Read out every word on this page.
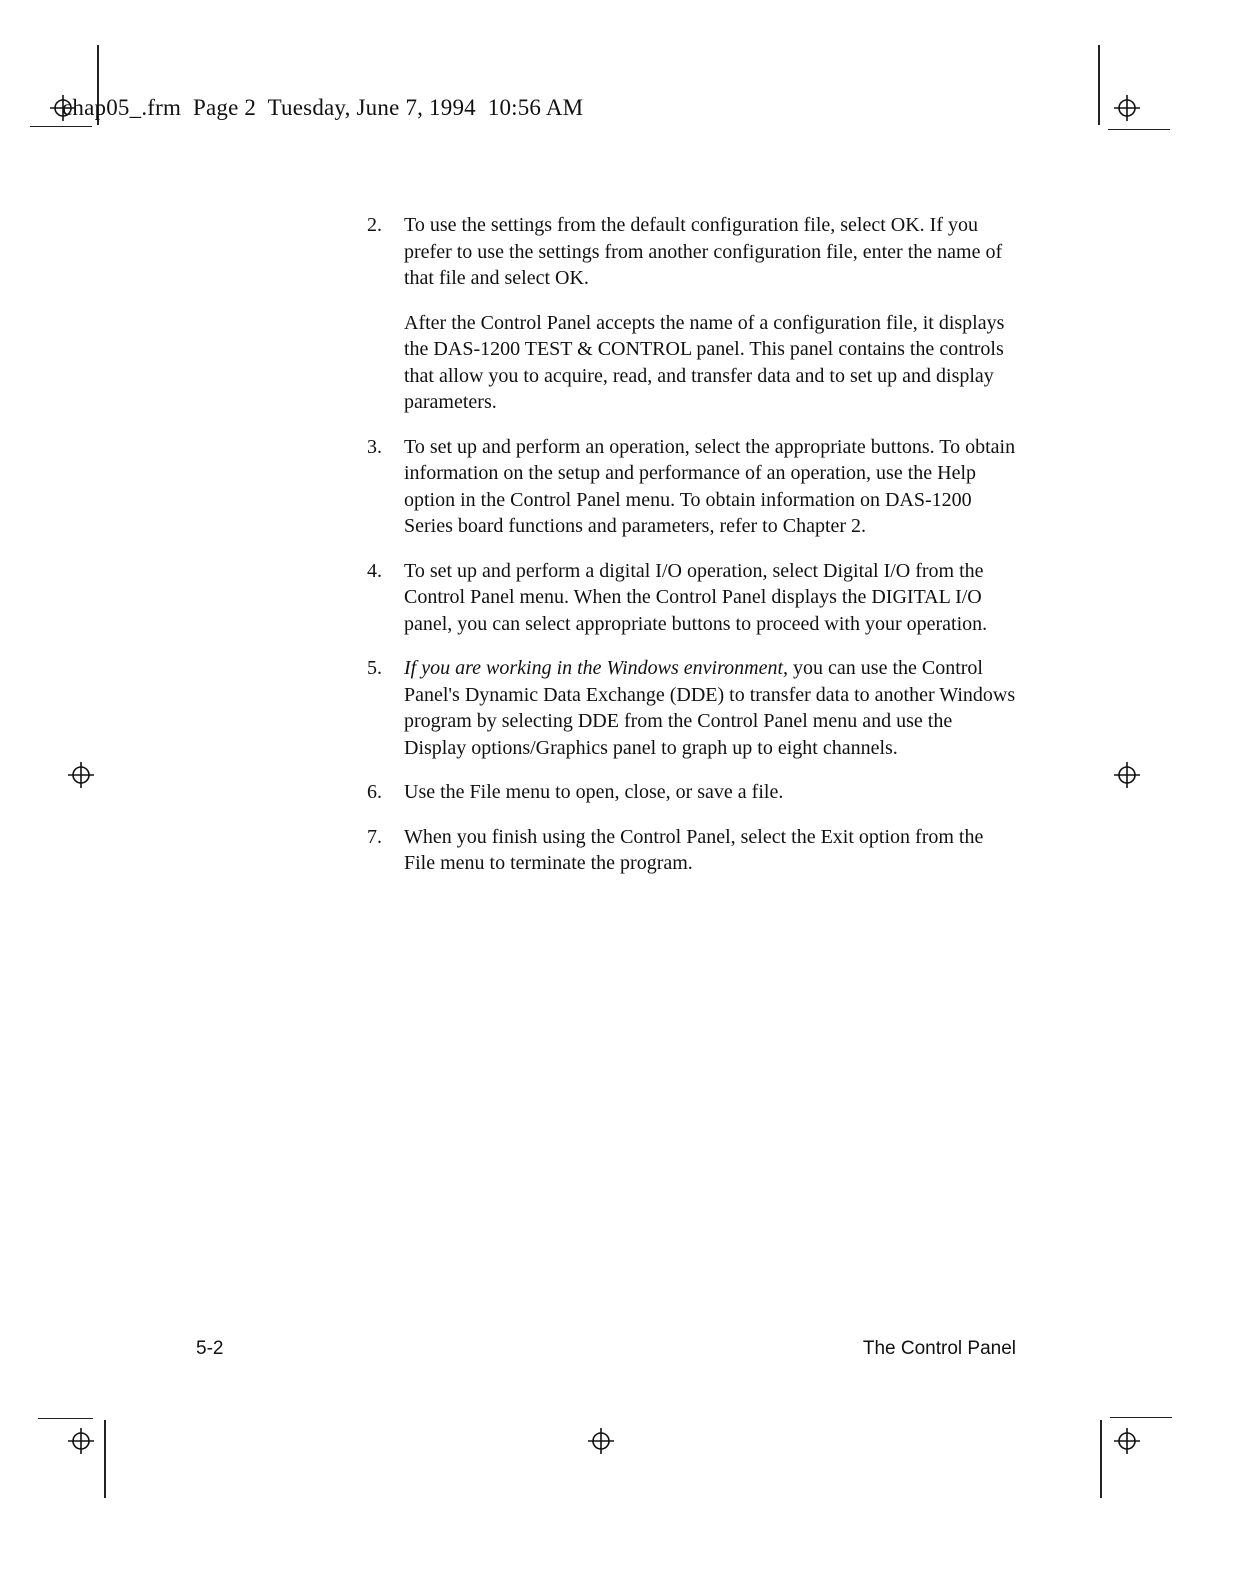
chap05_.frm  Page 2  Tuesday, June 7, 1994  10:56 AM
2. To use the settings from the default configuration file, select OK. If you prefer to use the settings from another configuration file, enter the name of that file and select OK.

After the Control Panel accepts the name of a configuration file, it displays the DAS-1200 TEST & CONTROL panel. This panel contains the controls that allow you to acquire, read, and transfer data and to set up and display parameters.

3. To set up and perform an operation, select the appropriate buttons. To obtain information on the setup and performance of an operation, use the Help option in the Control Panel menu. To obtain information on DAS-1200 Series board functions and parameters, refer to Chapter 2.

4. To set up and perform a digital I/O operation, select Digital I/O from the Control Panel menu. When the Control Panel displays the DIGITAL I/O panel, you can select appropriate buttons to proceed with your operation.

5. If you are working in the Windows environment, you can use the Control Panel's Dynamic Data Exchange (DDE) to transfer data to another Windows program by selecting DDE from the Control Panel menu and use the Display options/Graphics panel to graph up to eight channels.

6. Use the File menu to open, close, or save a file.

7. When you finish using the Control Panel, select the Exit option from the File menu to terminate the program.

5-2	The Control Panel
